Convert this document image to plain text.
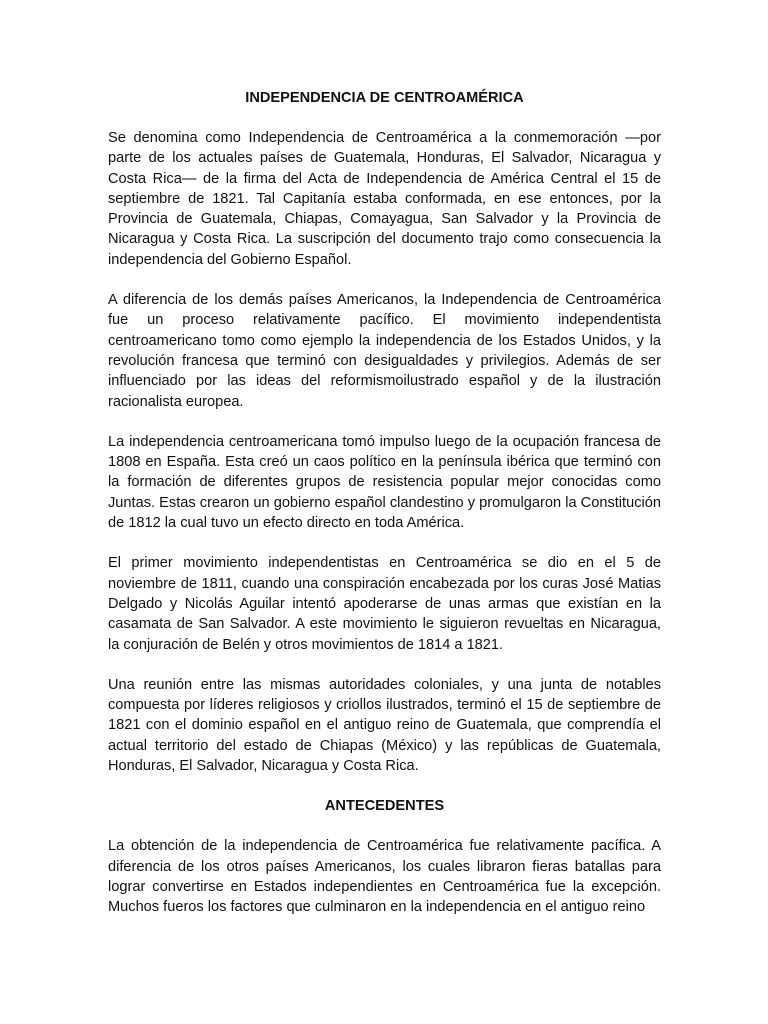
INDEPENDENCIA DE CENTROAMÉRICA

Se denomina como Independencia de Centroamérica a la conmemoración —por parte de los actuales países de Guatemala, Honduras, El Salvador, Nicaragua y Costa Rica— de la firma del Acta de Independencia de América Central el 15 de septiembre de 1821. Tal Capitanía estaba conformada, en ese entonces, por la Provincia de Guatemala, Chiapas, Comayagua, San Salvador y la Provincia de Nicaragua y Costa Rica. La suscripción del documento trajo como consecuencia la independencia del Gobierno Español.

A diferencia de los demás países Americanos, la Independencia de Centroamérica fue un proceso relativamente pacífico. El movimiento independentista centroamericano tomo como ejemplo la independencia de los Estados Unidos, y la revolución francesa que terminó con desigualdades y privilegios. Además de ser influenciado por las ideas del reformismoilustrado español y de la ilustración racionalista europea.

La independencia centroamericana tomó impulso luego de la ocupación francesa de 1808 en España. Esta creó un caos político en la península ibérica que terminó con la formación de diferentes grupos de resistencia popular mejor conocidas como Juntas. Estas crearon un gobierno español clandestino y promulgaron la Constitución de 1812 la cual tuvo un efecto directo en toda América.

El primer movimiento independentistas en Centroamérica se dio en el 5 de noviembre de 1811, cuando una conspiración encabezada por los curas José Matias Delgado y Nicolás Aguilar intentó apoderarse de unas armas que existían en la casamata de San Salvador. A este movimiento le siguieron revueltas en Nicaragua, la conjuración de Belén y otros movimientos de 1814 a 1821.

Una reunión entre las mismas autoridades coloniales, y una junta de notables compuesta por líderes religiosos y criollos ilustrados, terminó el 15 de septiembre de 1821 con el dominio español en el antiguo reino de Guatemala, que comprendía el actual territorio del estado de Chiapas (México) y las repúblicas de Guatemala, Honduras, El Salvador, Nicaragua y Costa Rica.

ANTECEDENTES

La obtención de la independencia de Centroamérica fue relativamente pacífica. A diferencia de los otros países Americanos, los cuales libraron fieras batallas para lograr convertirse en Estados independientes en Centroamérica fue la excepción. Muchos fueros los factores que culminaron en la independencia en el antiguo reino
